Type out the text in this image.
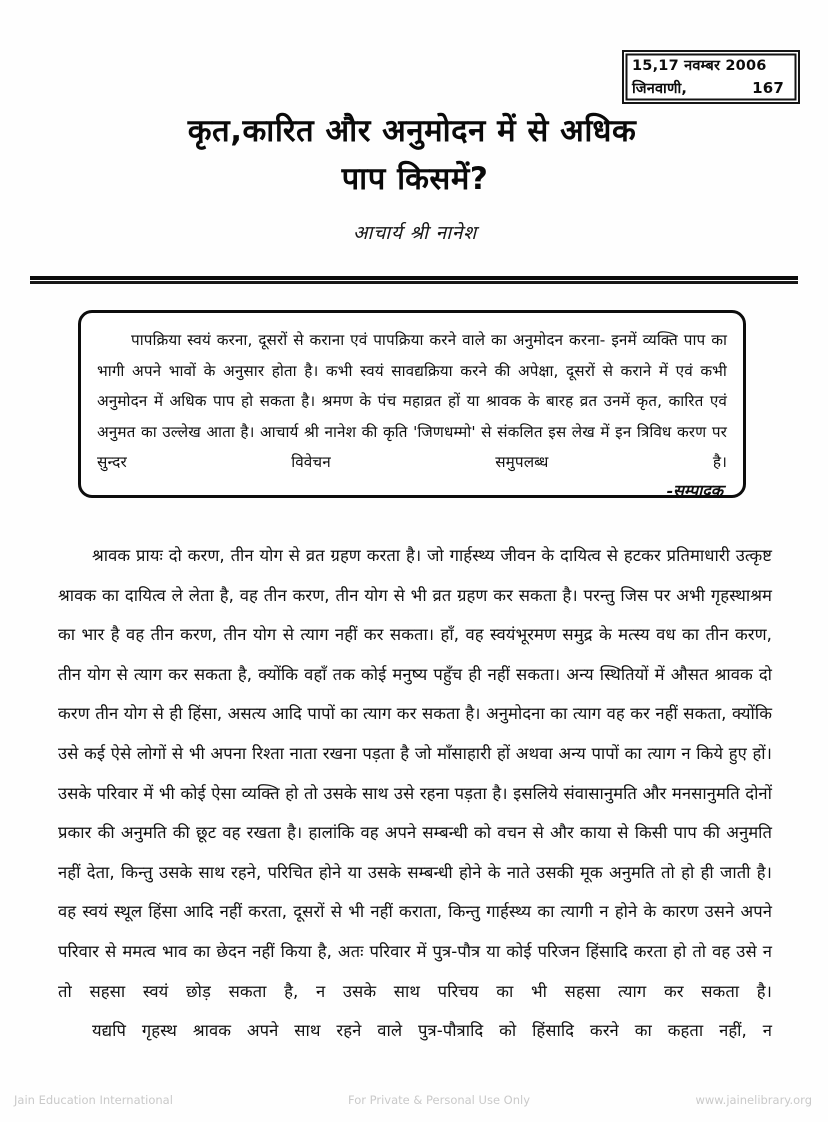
15,17 नवम्बर 2006
जिनवाणी,	167
कृत,कारित और अनुमोदन में से अधिक
पाप किसमें?
आचार्य श्री नानेश
पापक्रिया स्वयं करना, दूसरों से कराना एवं पापक्रिया करने वाले का अनुमोदन करना- इनमें व्यक्ति पाप का भागी अपने भावों के अनुसार होता है। कभी स्वयं सावद्यक्रिया करने की अपेक्षा, दूसरों से कराने में एवं कभी अनुमोदन में अधिक पाप हो सकता है। श्रमण के पंच महाव्रत हों या श्रावक के बारह व्रत उनमें कृत, कारित एवं अनुमत का उल्लेख आता है। आचार्य श्री नानेश की कृति 'जिणधम्मो' से संकलित इस लेख में इन त्रिविध करण पर सुन्दर विवेचन समुपलब्ध है।
-सम्पादक

श्रावक प्रायः दो करण, तीन योग से व्रत ग्रहण करता है। जो गार्हस्थ्य जीवन के दायित्व से हटकर प्रतिमाधारी उत्कृष्ट श्रावक का दायित्व ले लेता है, वह तीन करण, तीन योग से भी व्रत ग्रहण कर सकता है। परन्तु जिस पर अभी गृहस्थाश्रम का भार है वह तीन करण, तीन योग से त्याग नहीं कर सकता। हाँ, वह स्वयंभूरमण समुद्र के मत्स्य वध का तीन करण, तीन योग से त्याग कर सकता है, क्योंकि वहाँ तक कोई मनुष्य पहुँच ही नहीं सकता। अन्य स्थितियों में औसत श्रावक दो करण तीन योग से ही हिंसा, असत्य आदि पापों का त्याग कर सकता है। अनुमोदना का त्याग वह कर नहीं सकता, क्योंकि उसे कई ऐसे लोगों से भी अपना रिश्ता नाता रखना पड़ता है जो माँसाहारी हों अथवा अन्य पापों का त्याग न किये हुए हों। उसके परिवार में भी कोई ऐसा व्यक्ति हो तो उसके साथ उसे रहना पड़ता है। इसलिये संवासानुमति और मनसानुमति दोनों प्रकार की अनुमति की छूट वह रखता है। हालांकि वह अपने सम्बन्धी को वचन से और काया से किसी पाप की अनुमति नहीं देता, किन्तु उसके साथ रहने, परिचित होने या उसके सम्बन्धी होने के नाते उसकी मूक अनुमति तो हो ही जाती है। वह स्वयं स्थूल हिंसा आदि नहीं करता, दूसरों से भी नहीं कराता, किन्तु गार्हस्थ्य का त्यागी न होने के कारण उसने अपने परिवार से ममत्व भाव का छेदन नहीं किया है, अतः परिवार में पुत्र-पौत्र या कोई परिजन हिंसादि करता हो तो वह उसे न तो सहसा स्वयं छोड़ सकता है, न उसके साथ परिचय का भी सहसा त्याग कर सकता है।

यद्यपि गृहस्थ श्रावक अपने साथ रहने वाले पुत्र-पौत्रादि को हिंसादि करने का कहता नहीं, न

Jain Education International	For Private & Personal Use Only	www.jainelibrary.org
